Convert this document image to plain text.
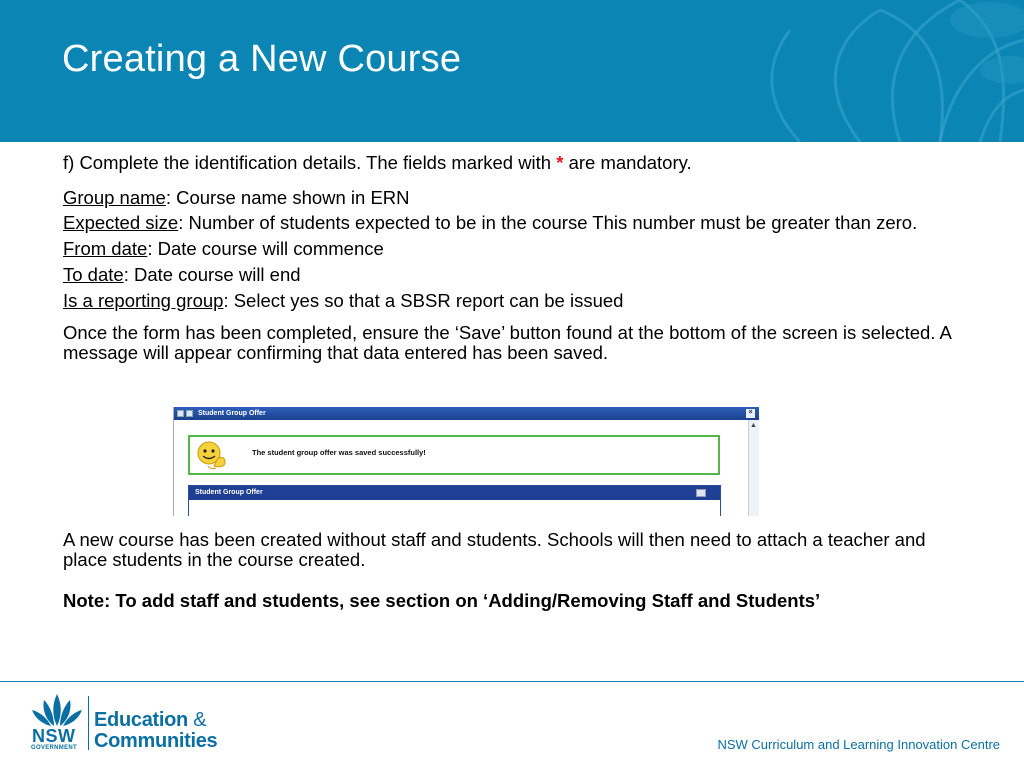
Creating a New Course

f) Complete the identification details. The fields marked with * are mandatory.

Group name: Course name shown in ERN

Expected size: Number of students expected to be in the course This number must be greater than zero.

From date: Date course will commence

To date: Date course will end

Is a reporting group: Select yes so that a SBSR report can be issued

Once the form has been completed, ensure the ‘Save’ button found at the bottom of the screen is selected. A message will appear confirming that data entered has been saved.

Student Group Offer	×
▲
The student group offer was saved successfully!
Student Group Offer

A new course has been created without staff and students. Schools will then need to attach a teacher and place students in the course created.

Note: To add staff and students, see section on ‘Adding/Removing Staff and Students’

NSW
GOVERNMENT
Education &
Communities	NSW Curriculum and Learning Innovation Centre
